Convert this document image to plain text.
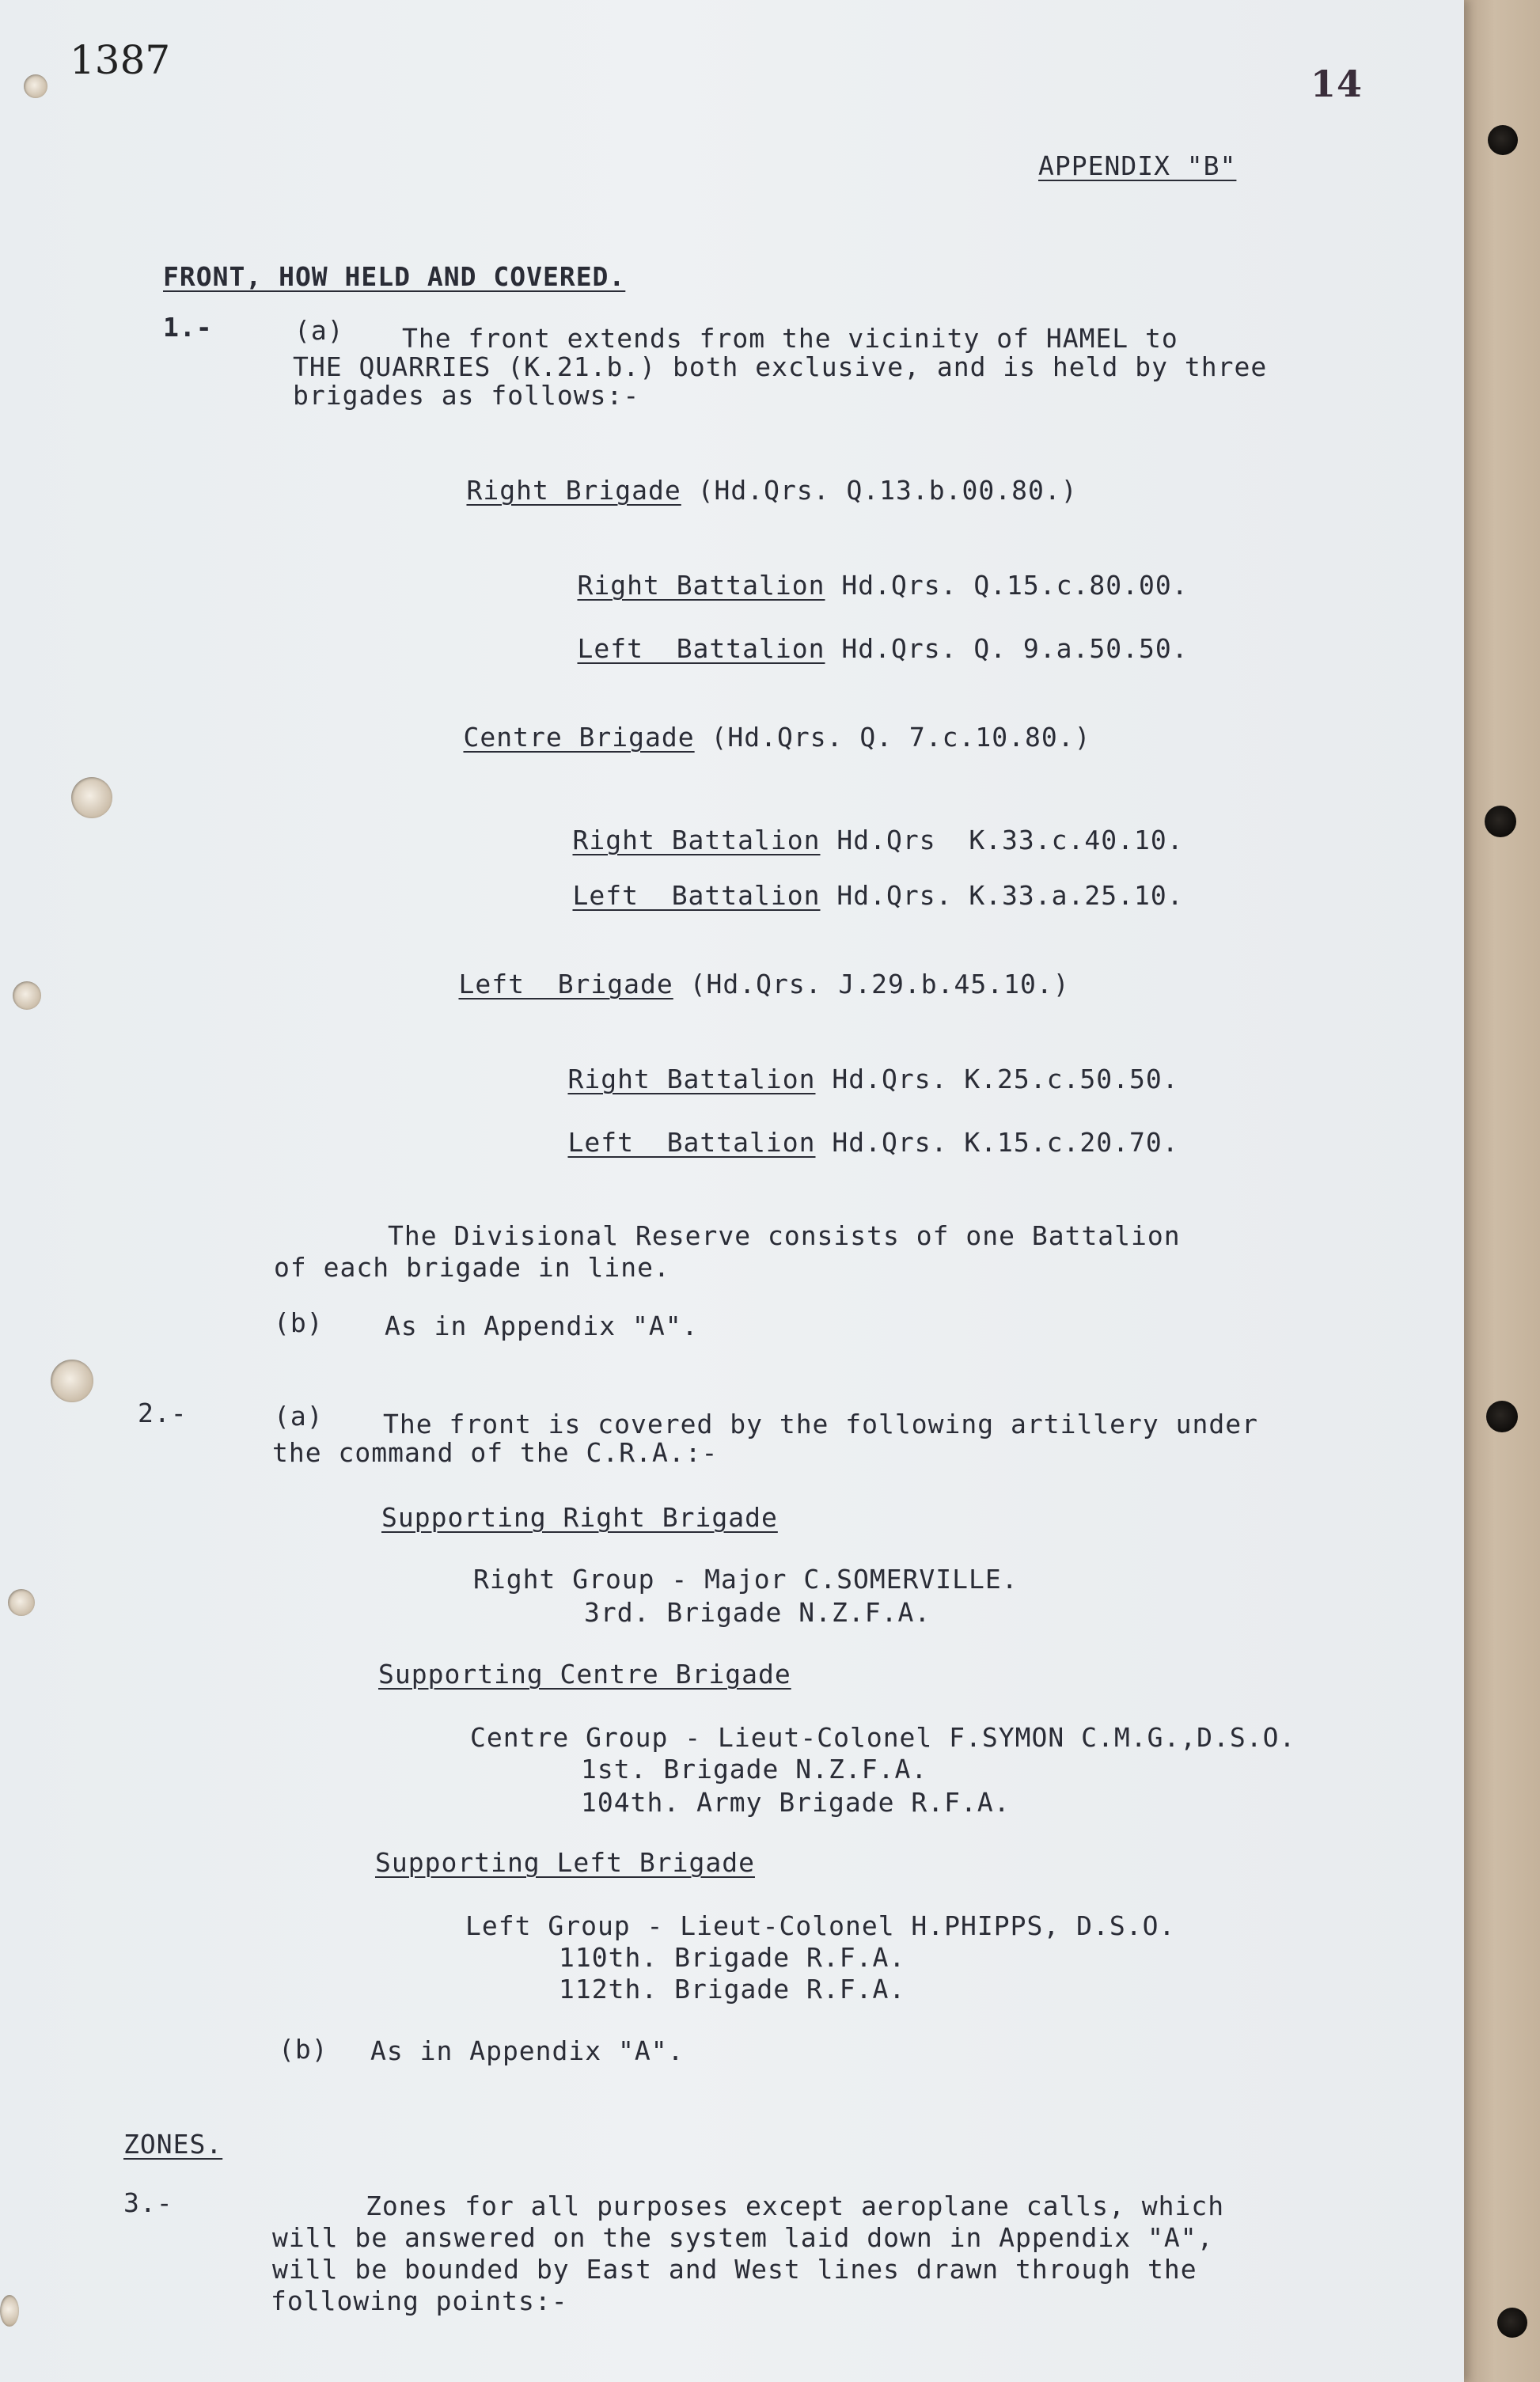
1387
14
APPENDIX "B"
FRONT, HOW HELD AND COVERED.
1.-	(a) The front extends from the vicinity of HAMEL to
THE QUARRIES (K.21.b.) both exclusive, and is held by three
brigades as follows:-

Right Brigade (Hd.Qrs. Q.13.b.00.80.)

Right Battalion Hd.Qrs. Q.15.c.80.00.

Left  Battalion Hd.Qrs. Q. 9.a.50.50.

Centre Brigade (Hd.Qrs. Q. 7.c.10.80.)

Right Battalion Hd.Qrs  K.33.c.40.10.

Left  Battalion Hd.Qrs. K.33.a.25.10.

Left  Brigade (Hd.Qrs. J.29.b.45.10.)

Right Battalion Hd.Qrs. K.25.c.50.50.

Left  Battalion Hd.Qrs. K.15.c.20.70.

The Divisional Reserve consists of one Battalion
of each brigade in line.
(b) As in Appendix "A".
2.-	(a) The front is covered by the following artillery under
the command of the C.R.A.:-
Supporting Right Brigade
Right Group - Major C.SOMERVILLE.
3rd. Brigade N.Z.F.A.
Supporting Centre Brigade
Centre Group - Lieut-Colonel F.SYMON C.M.G.,D.S.O.
1st. Brigade N.Z.F.A.
104th. Army Brigade R.F.A.
Supporting Left Brigade
Left Group - Lieut-Colonel H.PHIPPS, D.S.O.
110th. Brigade R.F.A.
112th. Brigade R.F.A.
(b) As in Appendix "A".
ZONES.
3.-	Zones for all purposes except aeroplane calls, which
will be answered on the system laid down in Appendix "A",
will be bounded by East and West lines drawn through the
following points:-
